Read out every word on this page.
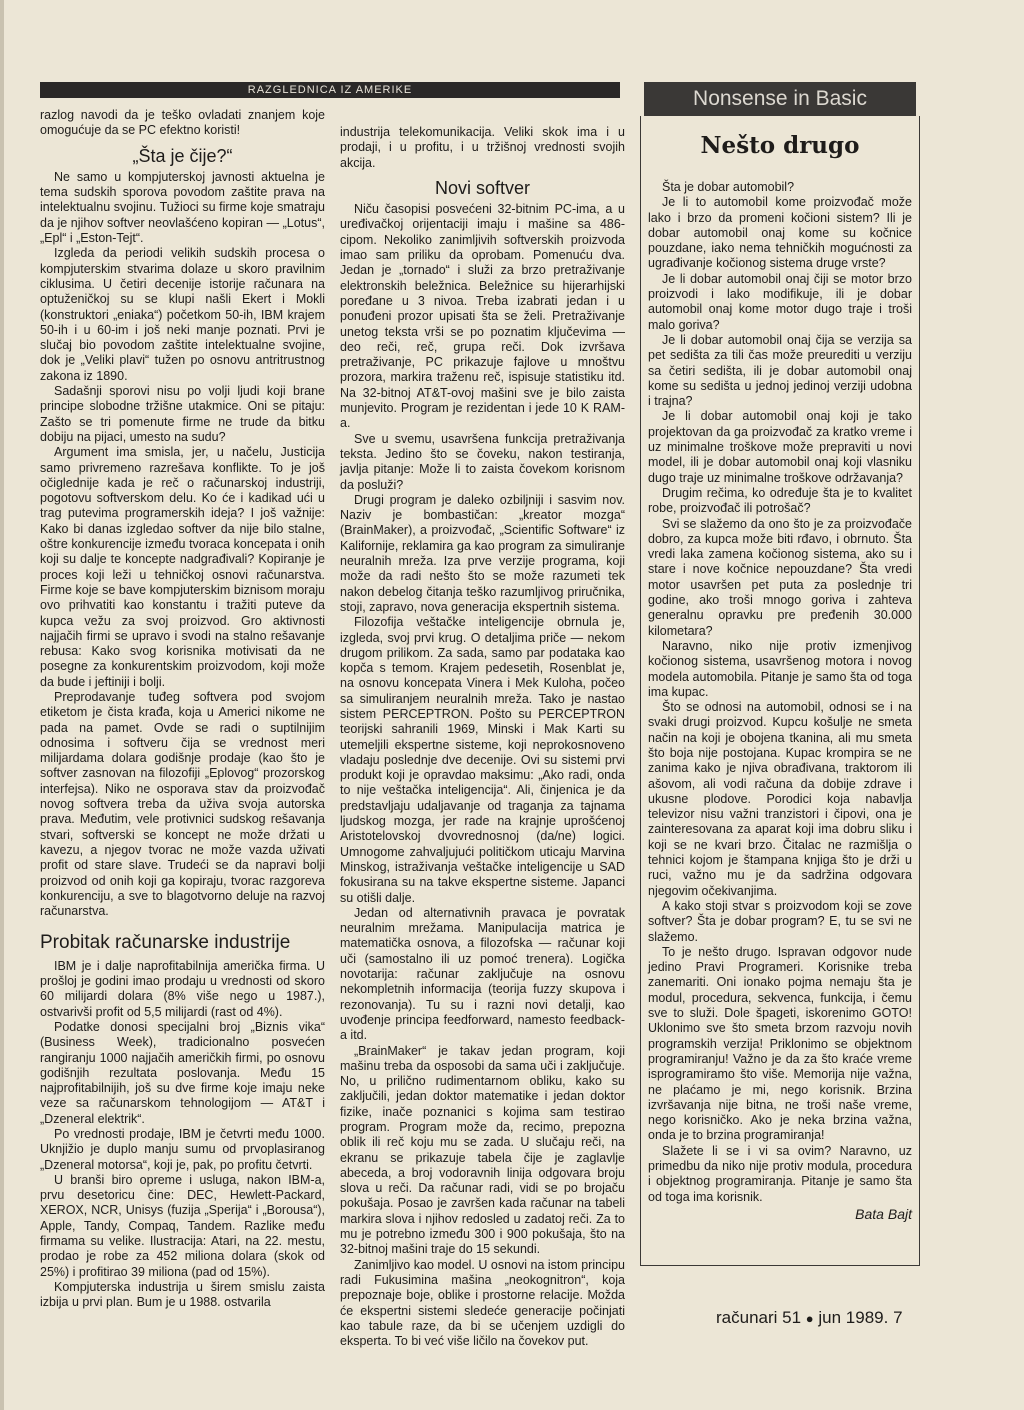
RAZGLEDNICA IZ AMERIKE

razlog navodi da je teško ovladati znanjem koje omogućuje da se PC efektno koristi!

„Šta je čije?“

Ne samo u kompjuterskoj javnosti aktuelna je tema sudskih sporova povodom zaštite prava na intelektualnu svojinu. Tužioci su firme koje smatraju da je njihov softver neovlašćeno kopiran — „Lotus“, „Epl“ i „Eston-Tejt“.

Izgleda da periodi velikih sudskih procesa o kompjuterskim stvarima dolaze u skoro pravilnim ciklusima. U četiri decenije istorije računara na optuženičkoj su se klupi našli Ekert i Mokli (konstruktori „eniaka“) početkom 50-ih, IBM krajem 50-ih i u 60-im i još neki manje poznati. Prvi je slučaj bio povodom zaštite intelektualne svojine, dok je „Veliki plavi“ tužen po osnovu antritrustnog zakona iz 1890.

Sadašnji sporovi nisu po volji ljudi koji brane principe slobodne tržišne utakmice. Oni se pitaju: Zašto se tri pomenute firme ne trude da bitku dobiju na pijaci, umesto na sudu?

Argument ima smisla, jer, u načelu, Justicija samo privremeno razrešava konflikte. To je još očiglednije kada je reč o računarskoj industriji, pogotovu softverskom delu. Ko će i kadikad ući u trag putevima programerskih ideja? I još važnije: Kako bi danas izgledao softver da nije bilo stalne, oštre konkurencije između tvoraca koncepata i onih koji su dalje te koncepte nadgrađivali? Kopiranje je proces koji leži u tehničkoj osnovi računarstva. Firme koje se bave kompjuterskim biznisom moraju ovo prihvatiti kao konstantu i tražiti puteve da kupca vežu za svoj proizvod. Gro aktivnosti najjačih firmi se upravo i svodi na stalno rešavanje rebusa: Kako svog korisnika motivisati da ne posegne za konkurentskim proizvodom, koji može da bude i jeftiniji i bolji.

Preprodavanje tuđeg softvera pod svojom etiketom je čista krađa, koja u Americi nikome ne pada na pamet. Ovde se radi o suptilnijim odnosima i softveru čija se vrednost meri milijardama dolara godišnje prodaje (kao što je softver zasnovan na filozofiji „Eplovog“ prozorskog interfejsa). Niko ne osporava stav da proizvođač novog softvera treba da uživa svoja autorska prava. Međutim, vele protivnici sudskog rešavanja stvari, softverski se koncept ne može držati u kavezu, a njegov tvorac ne može vazda uživati profit od stare slave. Trudeći se da napravi bolji proizvod od onih koji ga kopiraju, tvorac razgoreva konkurenciju, a sve to blagotvorno deluje na razvoj računarstva.

Probitak računarske industrije

IBM je i dalje naprofitabilnija američka firma. U prošloj je godini imao prodaju u vrednosti od skoro 60 milijardi dolara (8% više nego u 1987.), ostvarivši profit od 5,5 milijardi (rast od 4%).

Podatke donosi specijalni broj „Biznis vika“ (Business Week), tradicionalno posvećen rangiranju 1000 najjačih američkih firmi, po osnovu godišnjih rezultata poslovanja. Među 15 najprofitabilnijih, još su dve firme koje imaju neke veze sa računarskom tehnologijom — AT&T i „Dzeneral elektrik“.

Po vrednosti prodaje, IBM je četvrti među 1000. Uknjižio je duplo manju sumu od prvoplasiranog „Dzeneral motorsa“, koji je, pak, po profitu četvrti.

U branši biro opreme i usluga, nakon IBM-a, prvu desetoricu čine: DEC, Hewlett-Packard, XEROX, NCR, Unisys (fuzija „Sperija“ i „Borousa“), Apple, Tandy, Compaq, Tandem. Razlike među firmama su velike. Ilustracija: Atari, na 22. mestu, prodao je robe za 452 miliona dolara (skok od 25%) i profitirao 39 miliona (pad od 15%).

Kompjuterska industrija u širem smislu zaista izbija u prvi plan. Bum je u 1988. ostvarila

industrija telekomunikacija. Veliki skok ima i u prodaji, i u profitu, i u tržišnoj vrednosti svojih akcija.

Novi softver

Niču časopisi posvećeni 32-bitnim PC-ima, a u uređivačkoj orijentaciji imaju i mašine sa 486-cipom. Nekoliko zanimljivih softverskih proizvoda imao sam priliku da oprobam. Pomenuću dva. Jedan je „tornado“ i služi za brzo pretraživanje elektronskih beležnica. Beležnice su hijerarhijski poređane u 3 nivoa. Treba izabrati jedan i u ponuđeni prozor upisati šta se želi. Pretraživanje unetog teksta vrši se po poznatim ključevima — deo reči, reč, grupa reči. Dok izvršava pretraživanje, PC prikazuje fajlove u mnoštvu prozora, markira traženu reč, ispisuje statistiku itd. Na 32-bitnoj AT&T-ovoj mašini sve je bilo zaista munjevito. Program je rezidentan i jede 10 K RAM-a.

Sve u svemu, usavršena funkcija pretraživanja teksta. Jedino što se čoveku, nakon testiranja, javlja pitanje: Može li to zaista čovekom korisnom da posluži?

Drugi program je daleko ozbiljniji i sasvim nov. Naziv je bombastičan: „kreator mozga“ (BrainMaker), a proizvođač, „Scientific Software“ iz Kalifornije, reklamira ga kao program za simuliranje neuralnih mreža. Iza prve verzije programa, koji može da radi nešto što se može razumeti tek nakon debelog čitanja teško razumljivog priručnika, stoji, zapravo, nova generacija ekspertnih sistema.

Filozofija veštačke inteligencije obrnula je, izgleda, svoj prvi krug. O detaljima priče — nekom drugom prilikom. Za sada, samo par podataka kao kopča s temom. Krajem pedesetih, Rosenblat je, na osnovu koncepata Vinera i Mek Kuloha, počeo sa simuliranjem neuralnih mreža. Tako je nastao sistem PERCEPTRON. Pošto su PERCEPTRON teorijski sahranili 1969, Minski i Mak Karti su utemeljili ekspertne sisteme, koji neprokosnoveno vladaju poslednje dve decenije. Ovi su sistemi prvi produkt koji je opravdao maksimu: „Ako radi, onda to nije veštačka inteligencija“. Ali, činjenica je da predstavljaju udaljavanje od traganja za tajnama ljudskog mozga, jer rade na krajnje uprošćenoj Aristotelovskoj dvovrednosnoj (da/ne) logici. Umnogome zahvaljujući političkom uticaju Marvina Minskog, istraživanja veštačke inteligencije u SAD fokusirana su na takve ekspertne sisteme. Japanci su otišli dalje.

Jedan od alternativnih pravaca je povratak neuralnim mrežama. Manipulacija matrica je matematička osnova, a filozofska — računar koji uči (samostalno ili uz pomoć trenera). Logička novotarija: računar zaključuje na osnovu nekompletnih informacija (teorija fuzzy skupova i rezonovanja). Tu su i razni novi detalji, kao uvođenje principa feedforward, namesto feedback-a itd.

„BrainMaker“ je takav jedan program, koji mašinu treba da osposobi da sama uči i zaključuje. No, u prilično rudimentarnom obliku, kako su zaključili, jedan doktor matematike i jedan doktor fizike, inače poznanici s kojima sam testirao program. Program može da, recimo, prepozna oblik ili reč koju mu se zada. U slučaju reči, na ekranu se prikazuje tabela čije je zaglavlje abeceda, a broj vodoravnih linija odgovara broju slova u reči. Da računar radi, vidi se po brojaču pokušaja. Posao je završen kada računar na tabeli markira slova i njihov redosled u zadatoj reči. Za to mu je potrebno između 300 i 900 pokušaja, što na 32-bitnoj mašini traje do 15 sekundi.

Zanimljivo kao model. U osnovi na istom principu radi Fukusimina mašina „neokognitron“, koja prepoznaje boje, oblike i prostorne relacije. Možda će ekspertni sistemi sledeće generacije počinjati kao tabule raze, da bi se učenjem uzdigli do eksperta. To bi već više ličilo na čovekov put.

Nonsense in Basic
Nešto drugo

Šta je dobar automobil?

Je li to automobil kome proizvođač može lako i brzo da promeni kočioni sistem? Ili je dobar automobil onaj kome su kočnice pouzdane, iako nema tehničkih mogućnosti za ugrađivanje kočionog sistema druge vrste?

Je li dobar automobil onaj čiji se motor brzo proizvodi i lako modifikuje, ili je dobar automobil onaj kome motor dugo traje i troši malo goriva?

Je li dobar automobil onaj čija se verzija sa pet sedišta za tili čas može preurediti u verziju sa četiri sedišta, ili je dobar automobil onaj kome su sedišta u jednoj jedinoj verziji udobna i trajna?

Je li dobar automobil onaj koji je tako projektovan da ga proizvođač za kratko vreme i uz minimalne troškove može prepraviti u novi model, ili je dobar automobil onaj koji vlasniku dugo traje uz minimalne troškove održavanja?

Drugim rečima, ko određuje šta je to kvalitet robe, proizvođač ili potrošač?

Svi se slažemo da ono što je za proizvođače dobro, za kupca može biti rđavo, i obrnuto. Šta vredi laka zamena kočionog sistema, ako su i stare i nove kočnice nepouzdane? Šta vredi motor usavršen pet puta za poslednje tri godine, ako troši mnogo goriva i zahteva generalnu opravku pre pređenih 30.000 kilometara?

Naravno, niko nije protiv izmenjivog kočionog sistema, usavršenog motora i novog modela automobila. Pitanje je samo šta od toga ima kupac.

Što se odnosi na automobil, odnosi se i na svaki drugi proizvod. Kupcu košulje ne smeta način na koji je obojena tkanina, ali mu smeta što boja nije postojana. Kupac krompira se ne zanima kako je njiva obrađivana, traktorom ili ašovom, ali vodi računa da dobije zdrave i ukusne plodove. Porodici koja nabavlja televizor nisu važni tranzistori i čipovi, ona je zainteresovana za aparat koji ima dobru sliku i koji se ne kvari brzo. Čitalac ne razmišlja o tehnici kojom je štampana knjiga što je drži u ruci, važno mu je da sadržina odgovara njegovim očekivanjima.

A kako stoji stvar s proizvodom koji se zove softver? Šta je dobar program? E, tu se svi ne slažemo.

To je nešto drugo. Ispravan odgovor nude jedino Pravi Programeri. Korisnike treba zanemariti. Oni ionako pojma nemaju šta je modul, procedura, sekvenca, funkcija, i čemu sve to služi. Dole špageti, iskorenimo GOTO! Uklonimo sve što smeta brzom razvoju novih programskih verzija! Priklonimo se objektnom programiranju! Važno je da za što kraće vreme isprogramiramo što više. Memorija nije važna, ne plaćamo je mi, nego korisnik. Brzina izvršavanja nije bitna, ne troši naše vreme, nego korisničko. Ako je neka brzina važna, onda je to brzina programiranja!

Slažete li se i vi sa ovim? Naravno, uz primedbu da niko nije protiv modula, procedura i objektnog programiranja. Pitanje je samo šta od toga ima korisnik.

Bata Bajt
računari 51 ● jun 1989. 7
